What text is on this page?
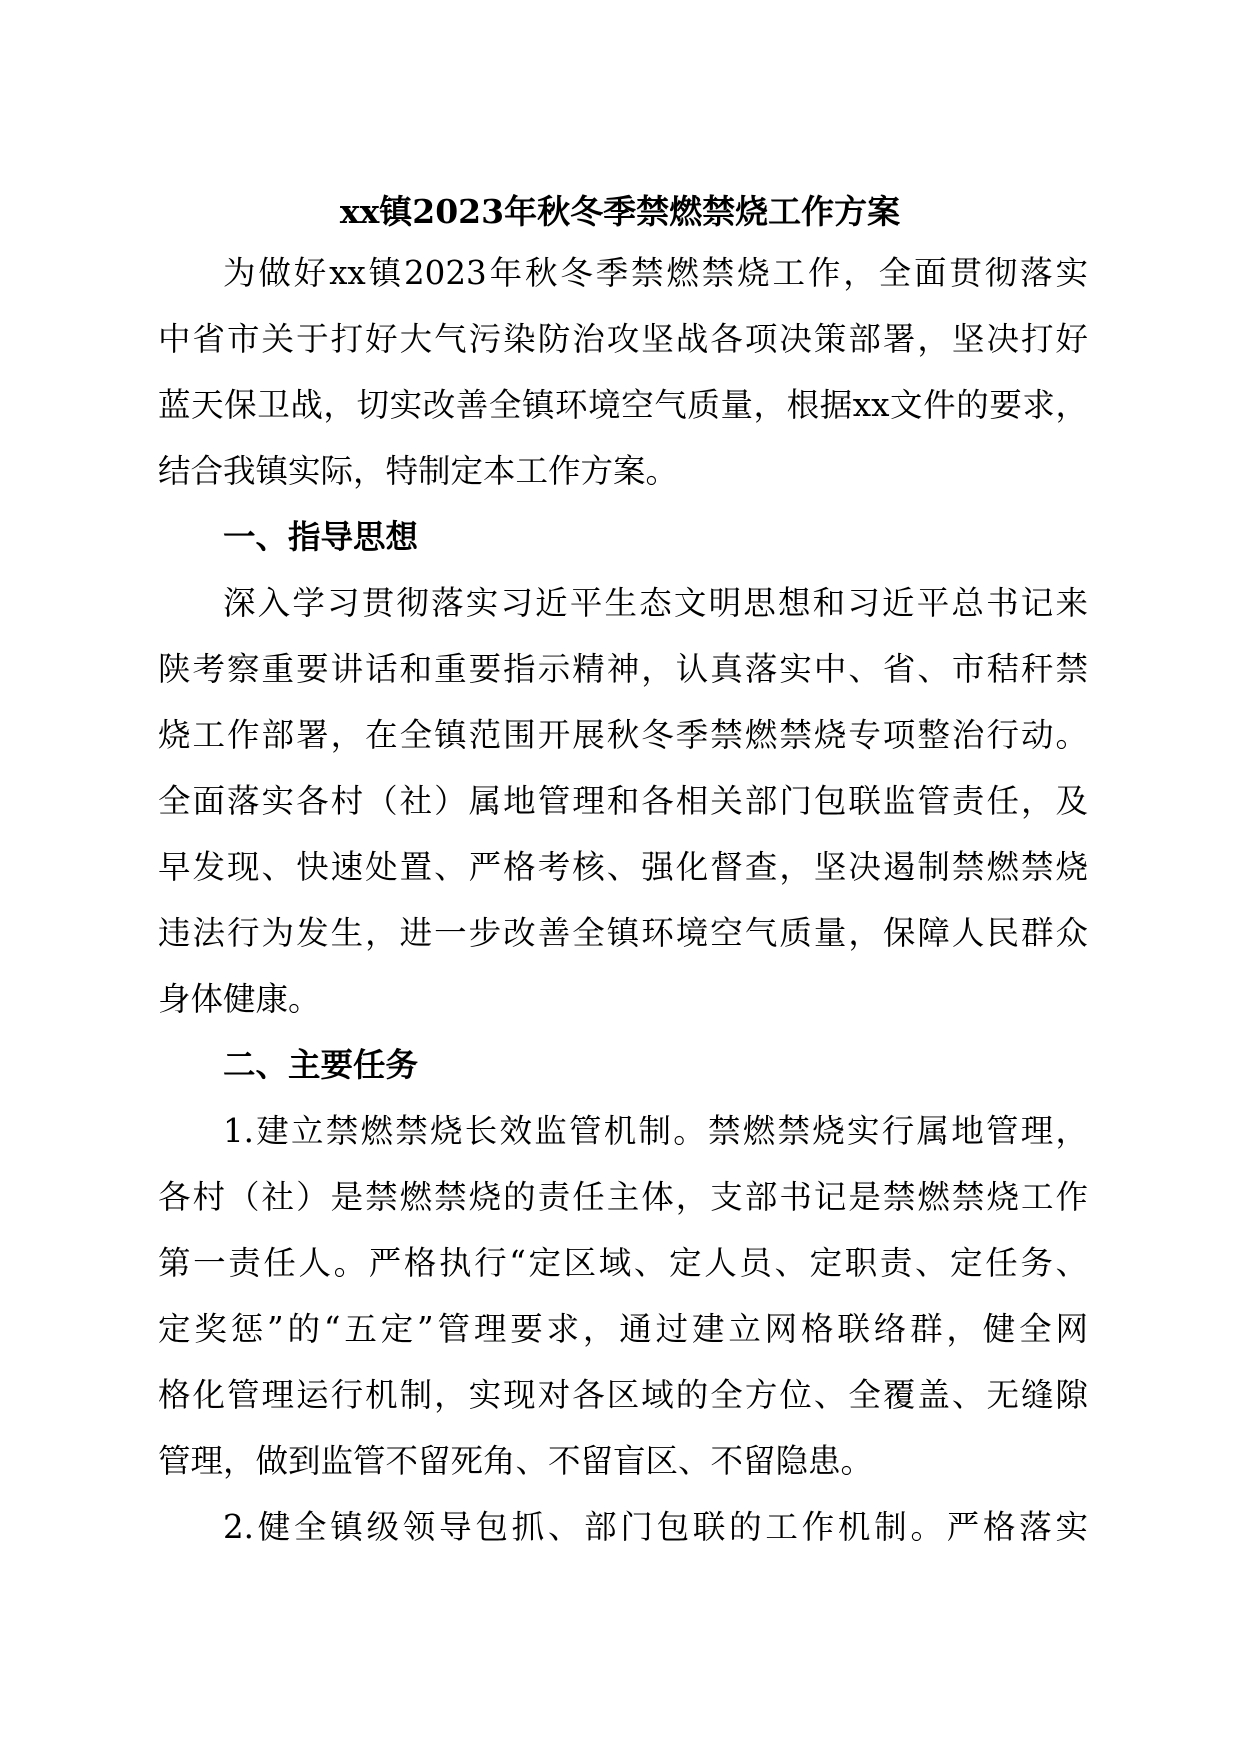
xx镇2023年秋冬季禁燃禁烧工作方案

为做好xx镇2023年秋冬季禁燃禁烧工作，全面贯彻落实

中省市关于打好大气污染防治攻坚战各项决策部署，坚决打好

蓝天保卫战，切实改善全镇环境空气质量，根据xx文件的要求，

结合我镇实际，特制定本工作方案。

一、指导思想

深入学习贯彻落实习近平生态文明思想和习近平总书记来

陕考察重要讲话和重要指示精神，认真落实中、省、市秸秆禁

烧工作部署，在全镇范围开展秋冬季禁燃禁烧专项整治行动。

全面落实各村（社）属地管理和各相关部门包联监管责任，及

早发现、快速处置、严格考核、强化督查，坚决遏制禁燃禁烧

违法行为发生，进一步改善全镇环境空气质量，保障人民群众

身体健康。

二、主要任务

1.建立禁燃禁烧长效监管机制。禁燃禁烧实行属地管理，

各村（社）是禁燃禁烧的责任主体，支部书记是禁燃禁烧工作

第一责任人。严格执行“定区域、定人员、定职责、定任务、

定奖惩”的“五定”管理要求，通过建立网格联络群，健全网

格化管理运行机制，实现对各区域的全方位、全覆盖、无缝隙

管理，做到监管不留死角、不留盲区、不留隐患。

2.健全镇级领导包抓、部门包联的工作机制。严格落实
